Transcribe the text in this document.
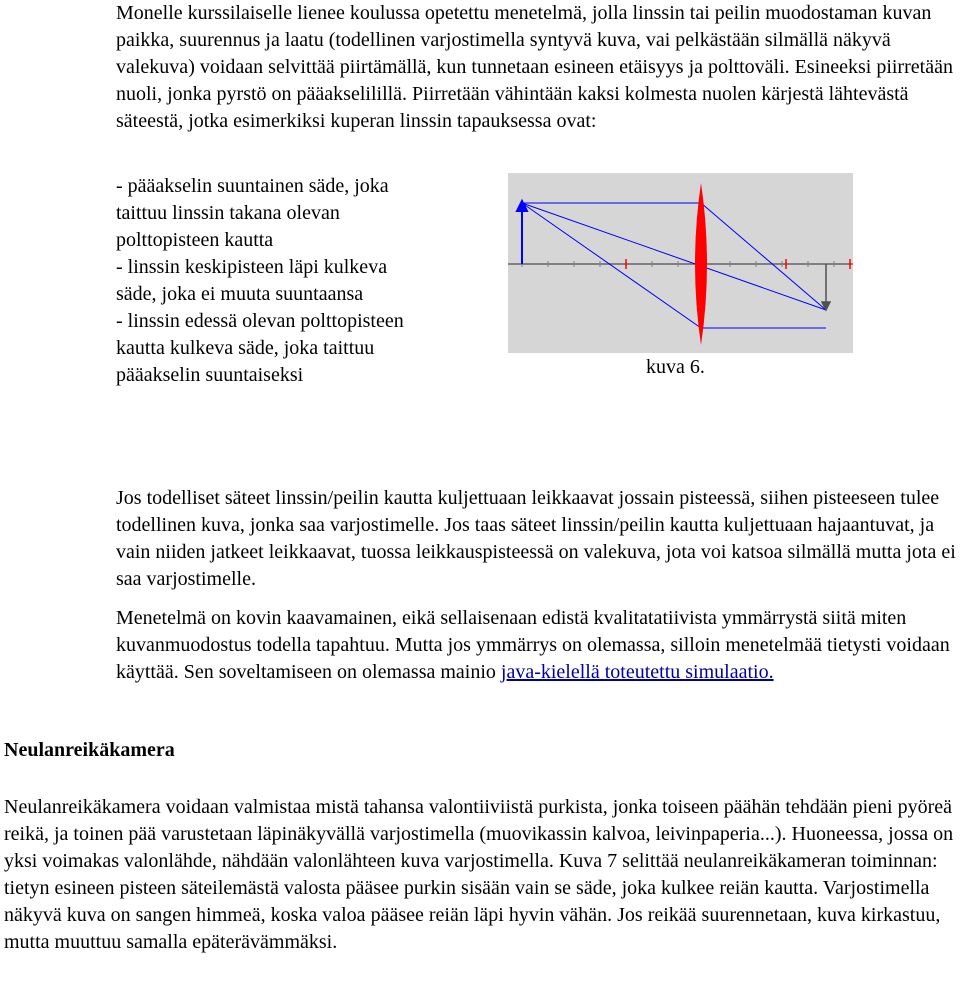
Monelle kurssilaiselle lienee koulussa opetettu menetelmä, jolla linssin tai peilin muodostaman kuvan paikka, suurennus ja laatu (todellinen varjostimella syntyvä kuva, vai pelkästään silmällä näkyvä valekuva) voidaan selvittää piirtämällä, kun tunnetaan esineen etäisyys ja polttoväli. Esineeksi piirretään nuoli, jonka pyrstö on pääakselilillä. Piirretään vähintään kaksi kolmesta nuolen kärjestä lähtevästä säteestä, jotka esimerkiksi kuperan linssin tapauksessa ovat:

- pääakselin suuntainen säde, joka taittuu linssin takana olevan polttopisteen kautta
- linssin keskipisteen läpi kulkeva säde, joka ei muuta suuntaansa
- linssin edessä olevan polttopisteen kautta kulkeva säde, joka taittuu pääakselin suuntaiseksi	kuva 6.

Jos todelliset säteet linssin/peilin kautta kuljettuaan leikkaavat jossain pisteessä, siihen pisteeseen tulee todellinen kuva, jonka saa varjostimelle. Jos taas säteet linssin/peilin kautta kuljettuaan hajaantuvat, ja vain niiden jatkeet leikkaavat, tuossa leikkauspisteessä on valekuva, jota voi katsoa silmällä mutta jota ei saa varjostimelle.

Menetelmä on kovin kaavamainen, eikä sellaisenaan edistä kvalitatatiivista ymmärrystä siitä miten kuvanmuodostus todella tapahtuu. Mutta jos ymmärrys on olemassa, silloin menetelmää tietysti voidaan käyttää. Sen soveltamiseen on olemassa mainio java-kielellä toteutettu simulaatio.

Neulanreikäkamera

Neulanreikäkamera voidaan valmistaa mistä tahansa valontiiviistä purkista, jonka toiseen päähän tehdään pieni pyöreä reikä, ja toinen pää varustetaan läpinäkyvällä varjostimella (muovikassin kalvoa, leivinpaperia...). Huoneessa, jossa on yksi voimakas valonlähde, nähdään valonlähteen kuva varjostimella. Kuva 7 selittää neulanreikäkameran toiminnan: tietyn esineen pisteen säteilemästä valosta pääsee purkin sisään vain se säde, joka kulkee reiän kautta. Varjostimella näkyvä kuva on sangen himmeä, koska valoa pääsee reiän läpi hyvin vähän. Jos reikää suurennetaan, kuva kirkastuu, mutta muuttuu samalla epäterävämmäksi.
